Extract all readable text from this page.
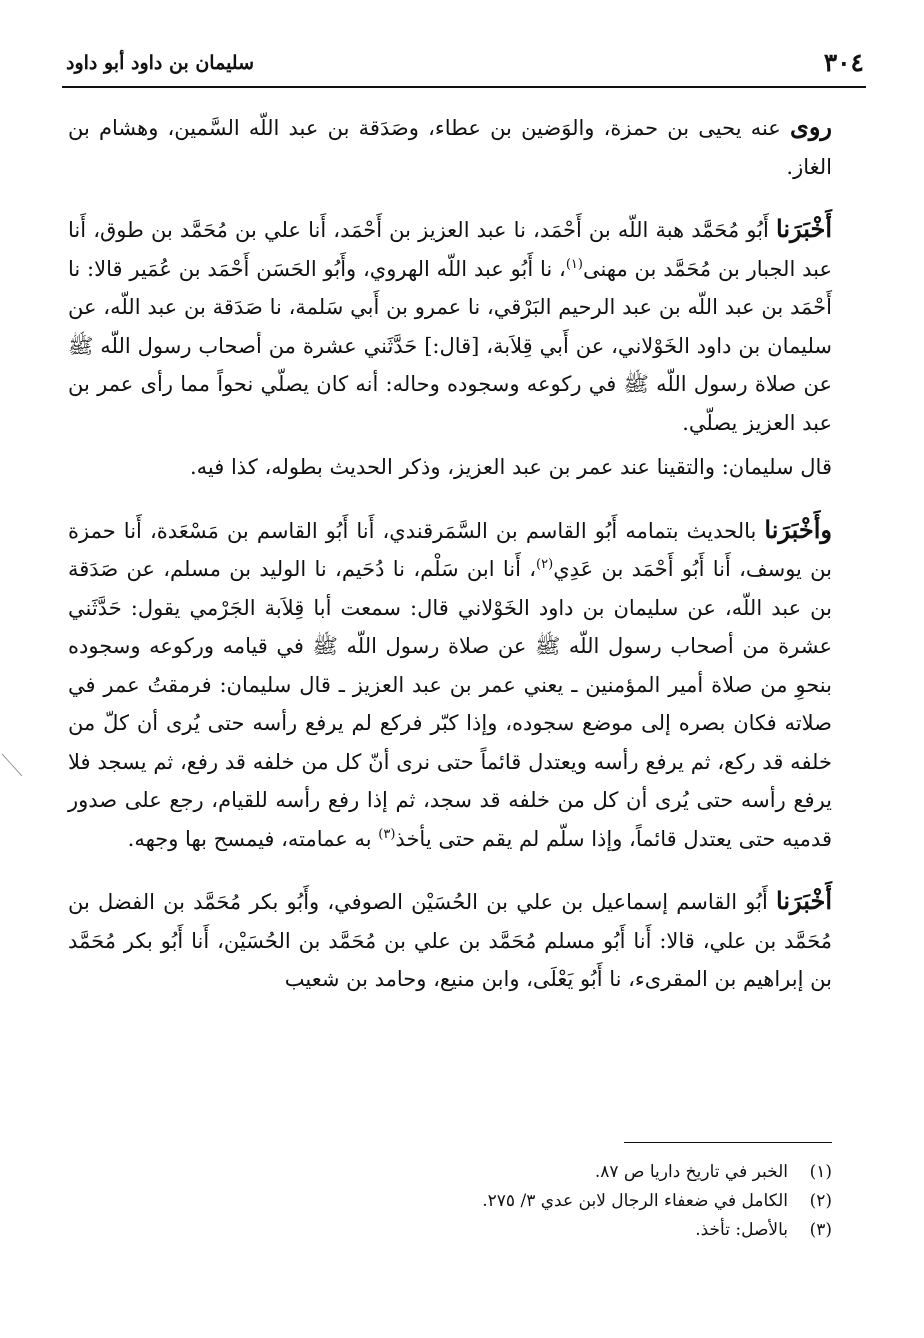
٣٠٤
سليمان بن داود أبو داود

روى عنه يحيى بن حمزة، والوَضين بن عطاء، وصَدَقة بن عبد اللّه السَّمين، وهشام بن الغاز.

أَخْبَرَنا أَبُو مُحَمَّد هبة اللّه بن أَحْمَد، نا عبد العزيز بن أَحْمَد، أَنا علي بن مُحَمَّد بن طوق، أَنا عبد الجبار بن مُحَمَّد بن مهنى$^{(١)}$، نا أَبُو عبد اللّه الهروي، وأَبُو الحَسَن أَحْمَد بن عُمَير قالا: نا أَحْمَد بن عبد اللّه بن عبد الرحيم البَرْقي، نا عمرو بن أَبي سَلمة، نا صَدَقة بن عبد اللّه، عن سليمان بن داود الخَوْلاني، عن أَبي قِلاَبة، [قال:] حَدَّثَني عشرة من أصحاب رسول اللّه ﷺ عن صلاة رسول اللّه ﷺ في ركوعه وسجوده وحاله: أنه كان يصلّي نحواً مما رأى عمر بن عبد العزيز يصلّي.

قال سليمان: والتقينا عند عمر بن عبد العزيز، وذكر الحديث بطوله، كذا فيه.

وأَخْبَرَنا بالحديث بتمامه أَبُو القاسم بن السَّمَرقندي، أَنا أَبُو القاسم بن مَسْعَدة، أَنا حمزة بن يوسف، أَنا أَبُو أَحْمَد بن عَدِي$^{(٢)}$، أَنا ابن سَلْم، نا دُحَيم، نا الوليد بن مسلم، عن صَدَقة بن عبد اللّه، عن سليمان بن داود الخَوْلاني قال: سمعت أبا قِلاَبة الجَرْمي يقول: حَدَّثَني عشرة من أصحاب رسول اللّه ﷺ عن صلاة رسول اللّه ﷺ في قيامه وركوعه وسجوده بنحوِ من صلاة أمير المؤمنين ـ يعني عمر بن عبد العزيز ـ قال سليمان: فرمقتُ عمر في صلاته فكان بصره إلى موضع سجوده، وإذا كبّر فركع لم يرفع رأسه حتى يُرى أن كلّ من خلفه قد ركع، ثم يرفع رأسه ويعتدل قائماً حتى نرى أنّ كل من خلفه قد رفع، ثم يسجد فلا يرفع رأسه حتى يُرى أن كل من خلفه قد سجد، ثم إذا رفع رأسه للقيام، رجع على صدور قدميه حتى يعتدل قائماً، وإذا سلّم لم يقم حتى يأخذ$^{(٣)}$ به عمامته، فيمسح بها وجهه.

أَخْبَرَنا أَبُو القاسم إسماعيل بن علي بن الحُسَيْن الصوفي، وأَبُو بكر مُحَمَّد بن الفضل بن مُحَمَّد بن علي، قالا: أَنا أَبُو مسلم مُحَمَّد بن علي بن مُحَمَّد بن الحُسَيْن، أَنا أَبُو بكر مُحَمَّد بن إبراهيم بن المقرىء، نا أَبُو يَعْلَى، وابن منيع، وحامد بن شعيب

(١)
الخبر في تاريخ داريا ص ٨٧.
(٢)
الكامل في ضعفاء الرجال لابن عدي ٣/ ٢٧٥.
(٣)
بالأصل: تأخذ.
